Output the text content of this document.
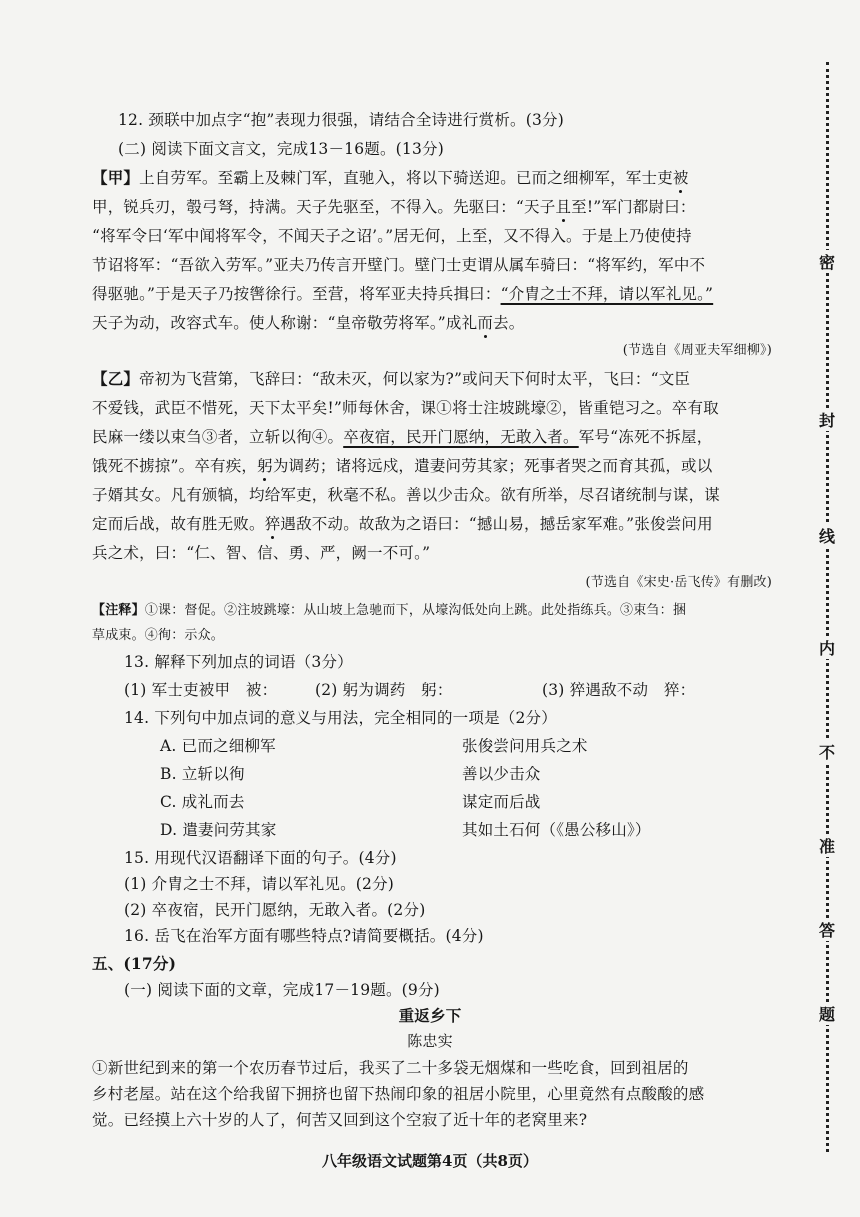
12. 颈联中加点字“抱”表现力很强，请结合全诗进行赏析。(3分)
(二) 阅读下面文言文，完成13－16题。(13分)
【甲】上自劳军。至霸上及棘门军，直驰入，将以下骑送迎。已而之细柳军，军士吏被
甲，锐兵刃，彀弓弩，持满。天子先驱至，不得入。先驱曰：“天子且至!”军门都尉曰：
“将军令曰‘军中闻将军令，不闻天子之诏’。”居无何，上至，又不得入。于是上乃使使持
节诏将军：“吾欲入劳军。”亚夫乃传言开壁门。壁门士吏谓从属车骑曰：“将军约，军中不
得驱驰。”于是天子乃按辔徐行。至营，将军亚夫持兵揖曰：“介胄之士不拜，请以军礼见。”
天子为动，改容式车。使人称谢：“皇帝敬劳将军。”成礼而去。
(节选自《周亚夫军细柳》)
【乙】帝初为飞营第，飞辞曰：“敌未灭，何以家为?”或问天下何时太平，飞曰：“文臣
不爱钱，武臣不惜死，天下太平矣!”师每休舍，课①将士注坡跳壕②，皆重铠习之。卒有取
民麻一缕以束刍③者，立斩以徇④。卒夜宿，民开门愿纳，无敢入者。军号“冻死不拆屋，
饿死不掳掠”。卒有疾，躬为调药；诸将远戍，遣妻问劳其家；死事者哭之而育其孤，或以
子婿其女。凡有颁犒，均给军吏，秋毫不私。善以少击众。欲有所举，尽召诸统制与谋，谋
定而后战，故有胜无败。猝遇敌不动。故敌为之语曰：“撼山易，撼岳家军难。”张俊尝问用
兵之术，曰：“仁、智、信、勇、严，阙一不可。”
(节选自《宋史·岳飞传》有删改)
【注释】①课：督促。②注坡跳壕：从山坡上急驰而下，从壕沟低处向上跳。此处指练兵。③束刍：捆
草成束。④徇：示众。
13. 解释下列加点的词语（3分）
(1) 军士吏被甲　被： (2) 躬为调药　躬：	(3) 猝遇敌不动　猝：
14. 下列句中加点词的意义与用法，完全相同的一项是（2分）
A. 已而之细柳军	张俊尝问用兵之术
B. 立斩以徇	善以少击众
C. 成礼而去	谋定而后战
D. 遣妻问劳其家	其如土石何（《愚公移山》）
15. 用现代汉语翻译下面的句子。(4分)
(1) 介胄之士不拜，请以军礼见。(2分)
(2) 卒夜宿，民开门愿纳，无敢入者。(2分)
16. 岳飞在治军方面有哪些特点?请简要概括。(4分)
五、(17分)
(一) 阅读下面的文章，完成17－19题。(9分)
重返乡下
密
封
线
内
不
准
答
题
①新世纪到来的第一个农历春节过后，我买了二十多袋无烟煤和一些吃食，回到祖居的
乡村老屋。站在这个给我留下拥挤也留下热闹印象的祖居小院里，心里竟然有点酸酸的感
觉。已经摸上六十岁的人了，何苦又回到这个空寂了近十年的老窝里来?
八年级语文试题第4页（共8页）
陈忠实
